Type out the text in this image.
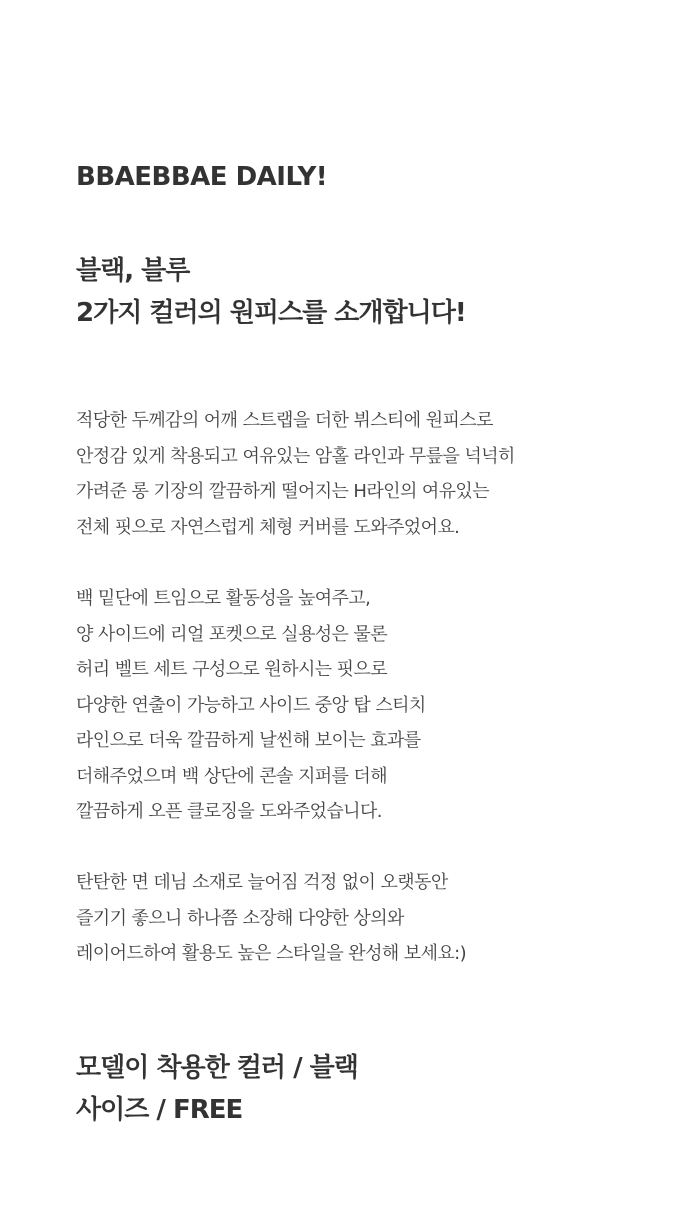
BBAEBBAE DAILY!
블랙, 블루
2가지 컬러의 원피스를 소개합니다!
적당한 두께감의 어깨 스트랩을 더한 뷔스티에 원피스로
안정감 있게 착용되고 여유있는 암홀 라인과 무릎을 넉넉히
가려준 롱 기장의 깔끔하게 떨어지는 H라인의 여유있는
전체 핏으로 자연스럽게 체형 커버를 도와주었어요.
백 밑단에 트임으로 활동성을 높여주고,
양 사이드에 리얼 포켓으로 실용성은 물론
허리 벨트 세트 구성으로 원하시는 핏으로
다양한 연출이 가능하고 사이드 중앙 탑 스티치
라인으로 더욱 깔끔하게 날씬해 보이는 효과를
더해주었으며 백 상단에 콘솔 지퍼를 더해
깔끔하게 오픈 클로징을 도와주었습니다.
탄탄한 면 데님 소재로 늘어짐 걱정 없이 오랫동안
즐기기 좋으니 하나쯤 소장해 다양한 상의와
레이어드하여 활용도 높은 스타일을 완성해 보세요:)
모델이 착용한 컬러 / 블랙
사이즈 / FREE
